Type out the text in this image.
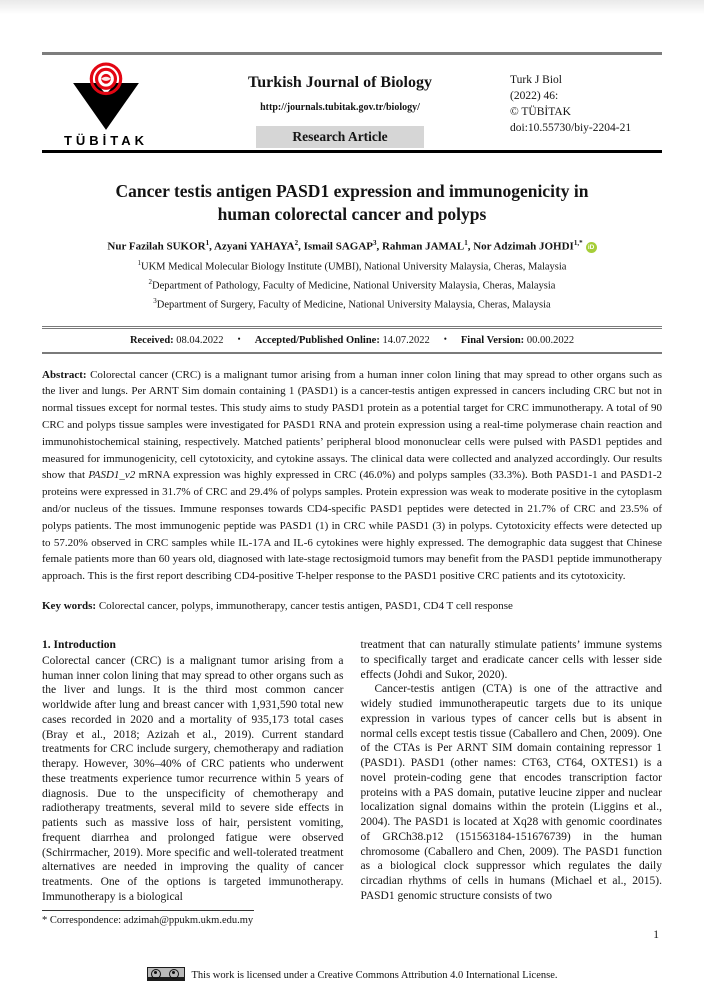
TÜBİTAK
Turkish Journal of Biology
http://journals.tubitak.gov.tr/biology/
Research Article
Turk J Biol
(2022) 46:
© TÜBİTAK
doi:10.55730/biy-2204-21
Cancer testis antigen PASD1 expression and immunogenicity in human colorectal cancer and polyps
Nur Fazilah SUKOR$^1$, Azyani YAHAYA$^2$, Ismail SAGAP$^3$, Rahman JAMAL$^1$, Nor Adzimah $JOHDI^{1,*}iD$
$^1$UKM Medical Molecular Biology Institute (UMBI), National University Malaysia, Cheras, Malaysia
$^2$Department of Pathology, Faculty of Medicine, National University Malaysia, Cheras, Malaysia
$^3$Department of Surgery, Faculty of Medicine, National University Malaysia, Cheras, Malaysia
Received: 08.04.2022 • Accepted/Published Online: 14.07.2022 • Final Version: 00.00.2022
Abstract: Colorectal cancer (CRC) is a malignant tumor arising from a human inner colon lining that may spread to other organs such as the liver and lungs. Per ARNT Sim domain containing 1 (PASD1) is a cancer-testis antigen expressed in cancers including CRC but not in normal tissues except for normal testes. This study aims to study PASD1 protein as a potential target for CRC immunotherapy. A total of 90 CRC and polyps tissue samples were investigated for PASD1 RNA and protein expression using a real-time polymerase chain reaction and immunohistochemical staining, respectively. Matched patients’ peripheral blood mononuclear cells were pulsed with PASD1 peptides and measured for immunogenicity, cell cytotoxicity, and cytokine assays. The clinical data were collected and analyzed accordingly. Our results show that PASD1_v2 mRNA expression was highly expressed in CRC (46.0%) and polyps samples (33.3%). Both PASD1-1 and PASD1-2 proteins were expressed in 31.7% of CRC and 29.4% of polyps samples. Protein expression was weak to moderate positive in the cytoplasm and/or nucleus of the tissues. Immune responses towards CD4-specific PASD1 peptides were detected in 21.7% of CRC and 23.5% of polyps patients. The most immunogenic peptide was PASD1 (1) in CRC while PASD1 (3) in polyps. Cytotoxicity effects were detected up to 57.20% observed in CRC samples while IL-17A and IL-6 cytokines were highly expressed. The demographic data suggest that Chinese female patients more than 60 years old, diagnosed with late-stage rectosigmoid tumors may benefit from the PASD1 peptide immunotherapy approach. This is the first report describing CD4-positive T-helper response to the PASD1 positive CRC patients and its cytotoxicity.
Key words: Colorectal cancer, polyps, immunotherapy, cancer testis antigen, PASD1, CD4 T cell response
1. Introduction

Colorectal cancer (CRC) is a malignant tumor arising from a human inner colon lining that may spread to other organs such as the liver and lungs. It is the third most common cancer worldwide after lung and breast cancer with 1,931,590 total new cases recorded in 2020 and a mortality of 935,173 total cases (Bray et al., 2018; Azizah et al., 2019). Current standard treatments for CRC include surgery, chemotherapy and radiation therapy. However, 30%–40% of CRC patients who underwent these treatments experience tumor recurrence within 5 years of diagnosis. Due to the unspecificity of chemotherapy and radiotherapy treatments, several mild to severe side effects in patients such as massive loss of hair, persistent vomiting, frequent diarrhea and prolonged fatigue were observed (Schirrmacher, 2019). More specific and well-tolerated treatment alternatives are needed in improving the quality of cancer treatments. One of the options is targeted immunotherapy. Immunotherapy is a biological

* Correspondence: adzimah@ppukm.ukm.edu.my

treatment that can naturally stimulate patients’ immune systems to specifically target and eradicate cancer cells with lesser side effects (Johdi and Sukor, 2020).

Cancer-testis antigen (CTA) is one of the attractive and widely studied immunotherapeutic targets due to its unique expression in various types of cancer cells but is absent in normal cells except testis tissue (Caballero and Chen, 2009). One of the CTAs is Per ARNT SIM domain containing repressor 1 (PASD1). PASD1 (other names: CT63, CT64, OXTES1) is a novel protein-coding gene that encodes transcription factor proteins with a PAS domain, putative leucine zipper and nuclear localization signal domains within the protein (Liggins et al., 2004). The PASD1 is located at Xq28 with genomic coordinates of GRCh38.p12 (151563184-151676739) in the human chromosome (Caballero and Chen, 2009). The PASD1 function as a biological clock suppressor which regulates the daily circadian rhythms of cells in humans (Michael et al., 2015). PASD1 genomic structure consists of two

1
This work is licensed under a Creative Commons Attribution 4.0 International License.
